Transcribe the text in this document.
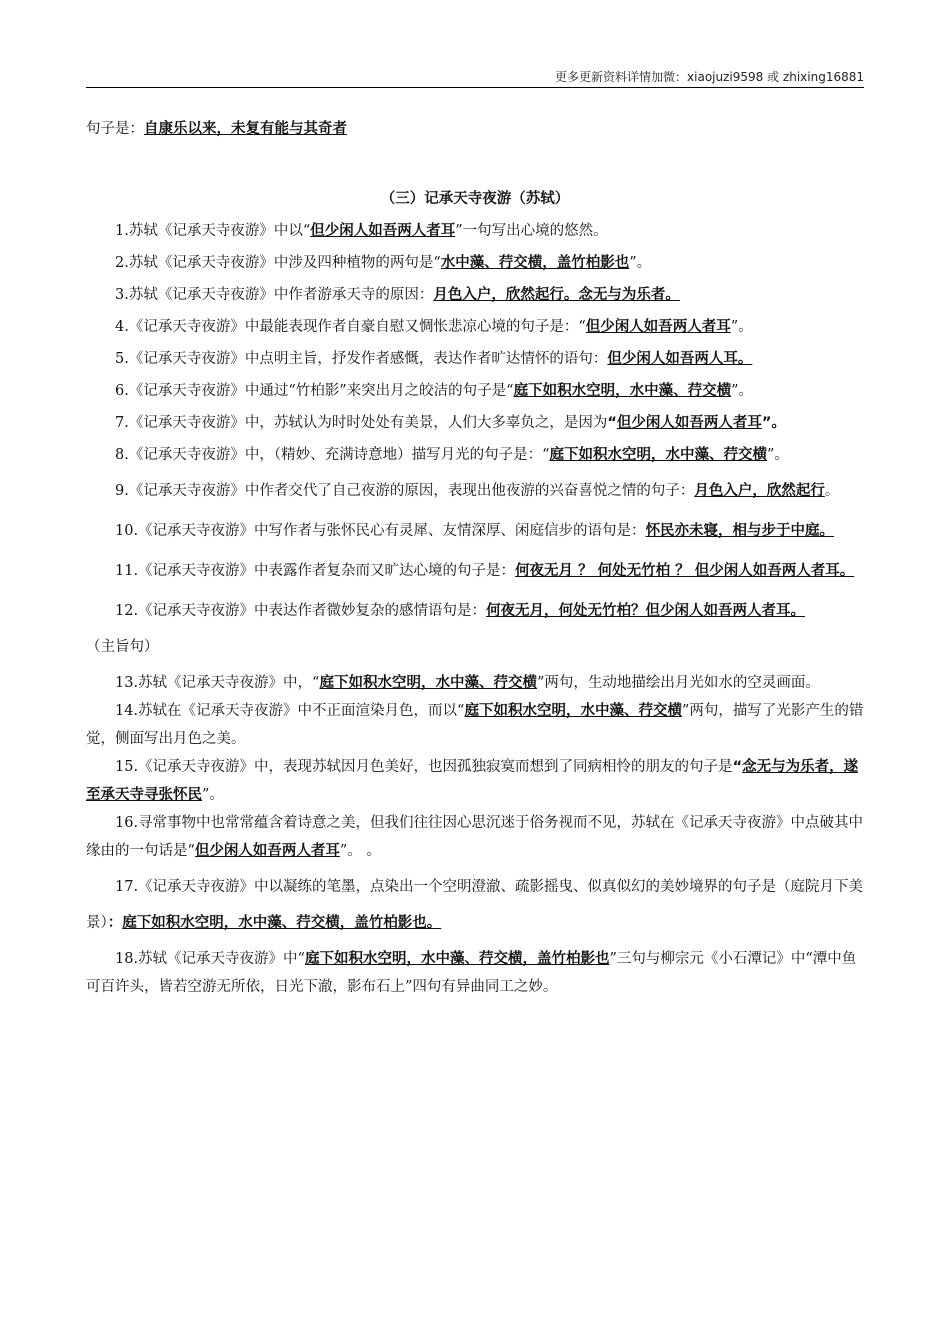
更多更新资料详情加微：xiaojuzi9598 或 zhixing16881

句子是：自康乐以来，未复有能与其奇者

（三）记承天寺夜游（苏轼）

1.苏轼《记承天寺夜游》中以“但少闲人如吾两人者耳”一句写出心境的悠然。

2.苏轼《记承天寺夜游》中涉及四种植物的两句是“水中藻、荇交横，盖竹柏影也”。

3.苏轼《记承天寺夜游》中作者游承天寺的原因：月色入户，欣然起行。念无与为乐者。

4.《记承天寺夜游》中最能表现作者自豪自慰又惆怅悲凉心境的句子是：“但少闲人如吾两人者耳”。

5.《记承天寺夜游》中点明主旨，抒发作者感慨，表达作者旷达情怀的语句：但少闲人如吾两人耳。

6.《记承天寺夜游》中通过“竹柏影”来突出月之皎洁的句子是“庭下如积水空明，水中藻、荇交横”。

7.《记承天寺夜游》中，苏轼认为时时处处有美景，人们大多辜负之，是因为“但少闲人如吾两人者耳”。

8.《记承天寺夜游》中，（精妙、充满诗意地）描写月光的句子是：“庭下如积水空明，水中藻、荇交横”。

9.《记承天寺夜游》中作者交代了自己夜游的原因，表现出他夜游的兴奋喜悦之情的句子：月色入户，欣然起行。

10.《记承天寺夜游》中写作者与张怀民心有灵犀、友情深厚、闲庭信步的语句是：怀民亦未寝，相与步于中庭。

11.《记承天寺夜游》中表露作者复杂而又旷达心境的句子是：何夜无月 ？ 何处无竹柏 ？ 但少闲人如吾两人者耳。

12.《记承天寺夜游》中表达作者微妙复杂的感情语句是：何夜无月，何处无竹柏？但少闲人如吾两人者耳。（主旨句）

13.苏轼《记承天寺夜游》中，“庭下如积水空明，水中藻、荇交横”两句，生动地描绘出月光如水的空灵画面。

14.苏轼在《记承天寺夜游》中不正面渲染月色，而以“庭下如积水空明，水中藻、荇交横”两句，描写了光影产生的错觉，侧面写出月色之美。

15.《记承天寺夜游》中，表现苏轼因月色美好，也因孤独寂寞而想到了同病相怜的朋友的句子是“念无与为乐者，遂至承天寺寻张怀民”。

16.寻常事物中也常常蕴含着诗意之美，但我们往往因心思沉迷于俗务视而不见，苏轼在《记承天寺夜游》中点破其中缘由的一句话是“但少闲人如吾两人者耳”。 。

17.《记承天寺夜游》中以凝练的笔墨，点染出一个空明澄澈、疏影摇曳、似真似幻的美妙境界的句子是（庭院月下美景）：庭下如积水空明，水中藻、荇交横，盖竹柏影也。

18.苏轼《记承天寺夜游》中“庭下如积水空明，水中藻、荇交横，盖竹柏影也”三句与柳宗元《小石潭记》中“潭中鱼可百许头，皆若空游无所依，日光下澈，影布石上”四句有异曲同工之妙。
